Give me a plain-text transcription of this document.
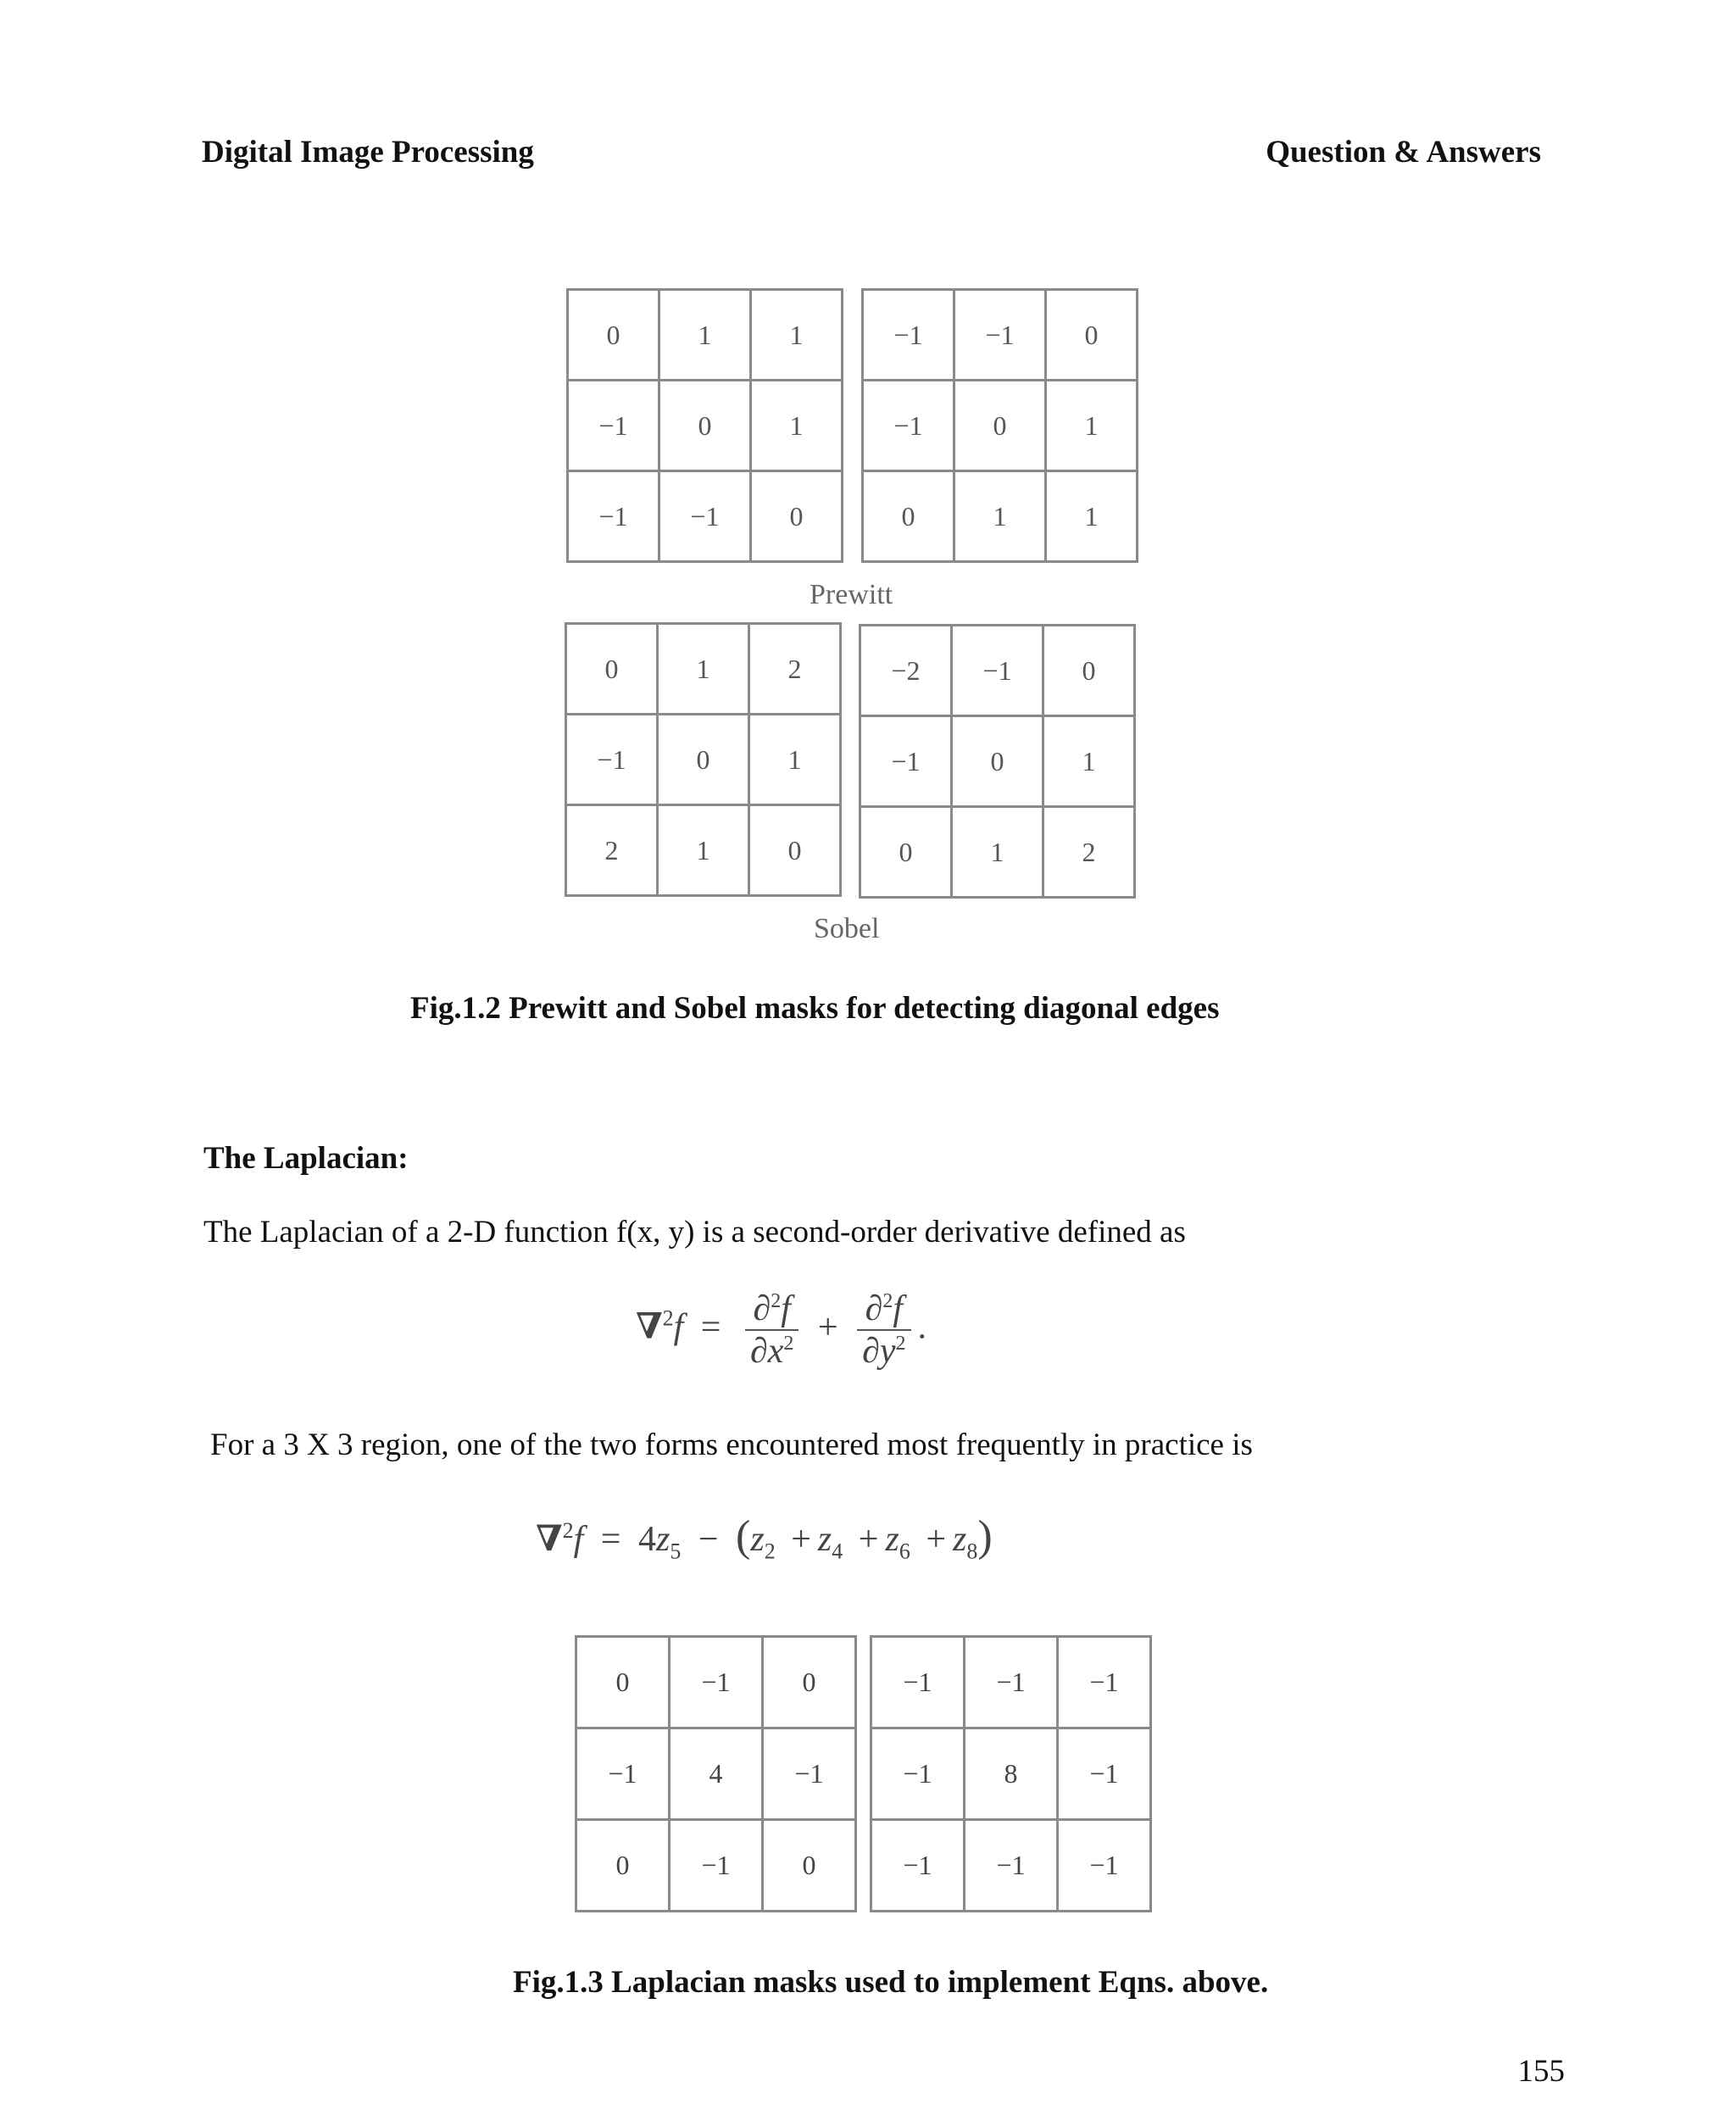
Digital Image Processing	Question & Answers
0	1	1
−1	0	1
−1	−1	0
−1	−1	0
−1	0	1
0	1	1
Prewitt
0	1	2
−1	0	1
2	1	0
−2	−1	0
−1	0	1
0	1	2
Sobel
Fig.1.2 Prewitt and Sobel masks for detecting diagonal edges
The Laplacian:
The Laplacian of a 2-D function f(x, y) is a second-order derivative defined as
$\nabla^2f = \frac{\partial^2f}{\partial x^2} + \frac{\partial^2f}{\partial y^2}$ .
For a 3 X 3 region, one of the two forms encountered most frequently in practice is
$\nabla^2f = 4z_5 - (z_2 + z_4 + z_6 + z_8)$
0	−1	0
−1	4	−1
0	−1	0
−1	−1	−1
−1	8	−1
−1	−1	−1
Fig.1.3 Laplacian masks used to implement Eqns. above.
155
